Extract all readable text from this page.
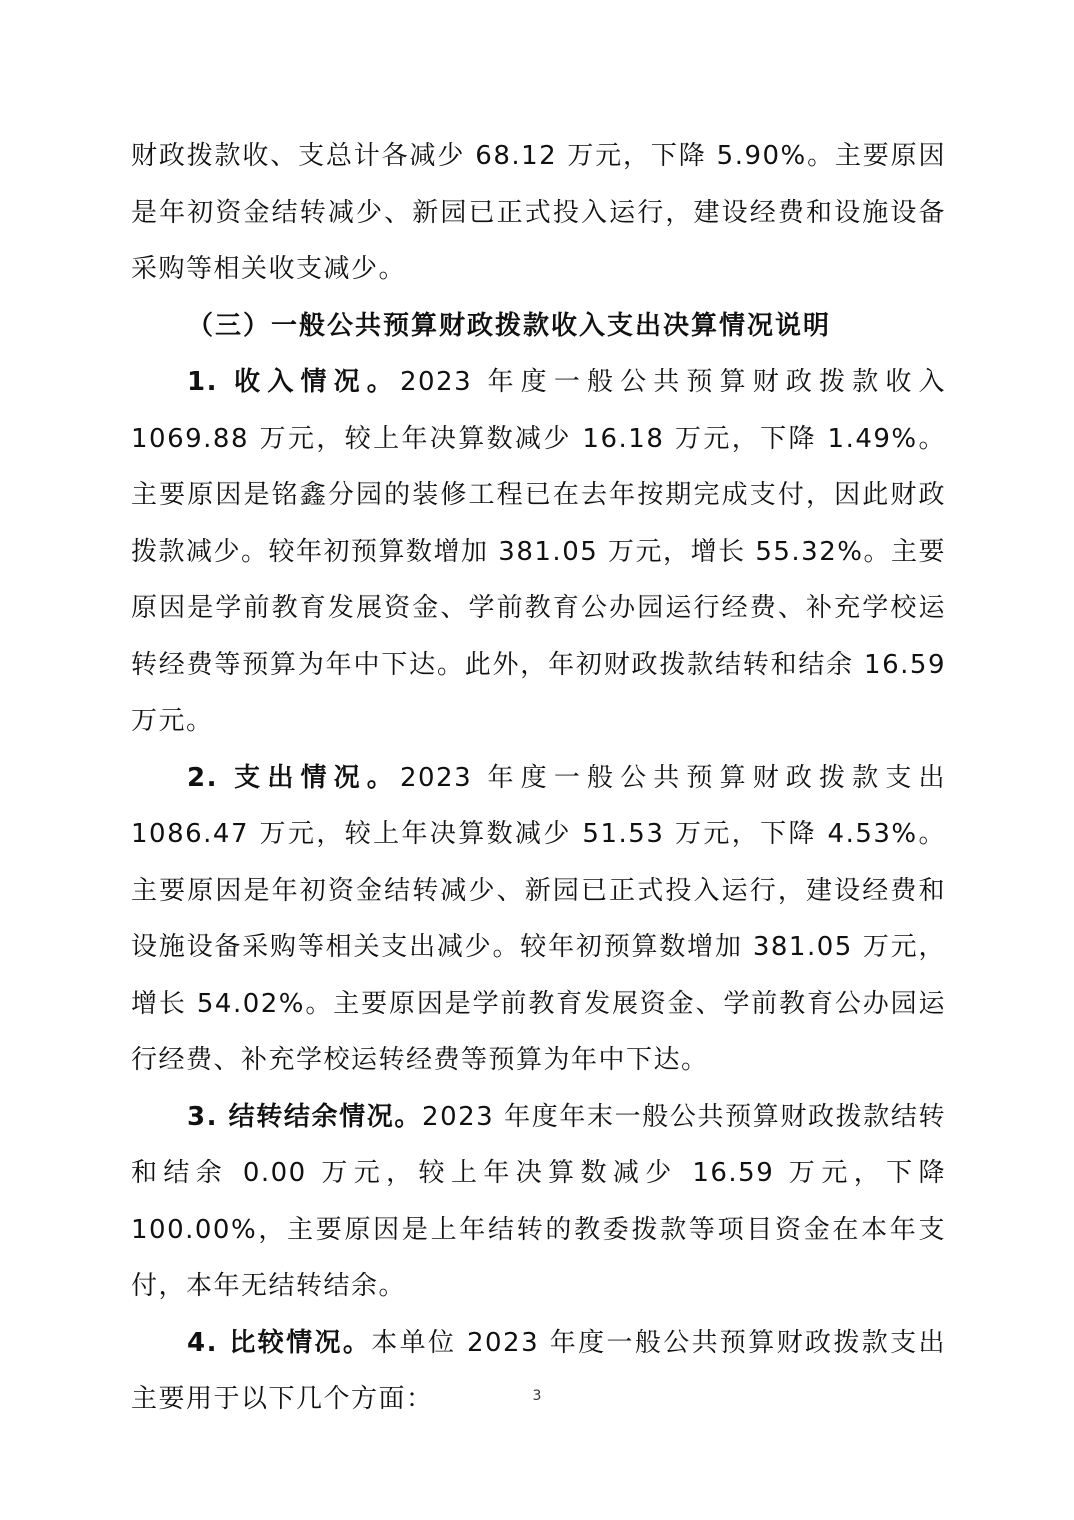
财政拨款收、支总计各减少 68.12 万元，下降 5.90%。主要原因是年初资金结转减少、新园已正式投入运行，建设经费和设施设备采购等相关收支减少。

（三）一般公共预算财政拨款收入支出决算情况说明

1. 收入情况。2023 年度一般公共预算财政拨款收入 1069.88 万元，较上年决算数减少 16.18 万元，下降 1.49%。主要原因是铭鑫分园的装修工程已在去年按期完成支付，因此财政拨款减少。较年初预算数增加 381.05 万元，增长 55.32%。主要原因是学前教育发展资金、学前教育公办园运行经费、补充学校运转经费等预算为年中下达。此外，年初财政拨款结转和结余 16.59 万元。

2. 支出情况。2023 年度一般公共预算财政拨款支出 1086.47 万元，较上年决算数减少 51.53 万元，下降 4.53%。主要原因是年初资金结转减少、新园已正式投入运行，建设经费和设施设备采购等相关支出减少。较年初预算数增加 381.05 万元，增长 54.02%。主要原因是学前教育发展资金、学前教育公办园运行经费、补充学校运转经费等预算为年中下达。

3. 结转结余情况。2023 年度年末一般公共预算财政拨款结转和结余 0.00 万元，较上年决算数减少 16.59 万元，下降 100.00%，主要原因是上年结转的教委拨款等项目资金在本年支付，本年无结转结余。

4. 比较情况。本单位 2023 年度一般公共预算财政拨款支出主要用于以下几个方面：	3
